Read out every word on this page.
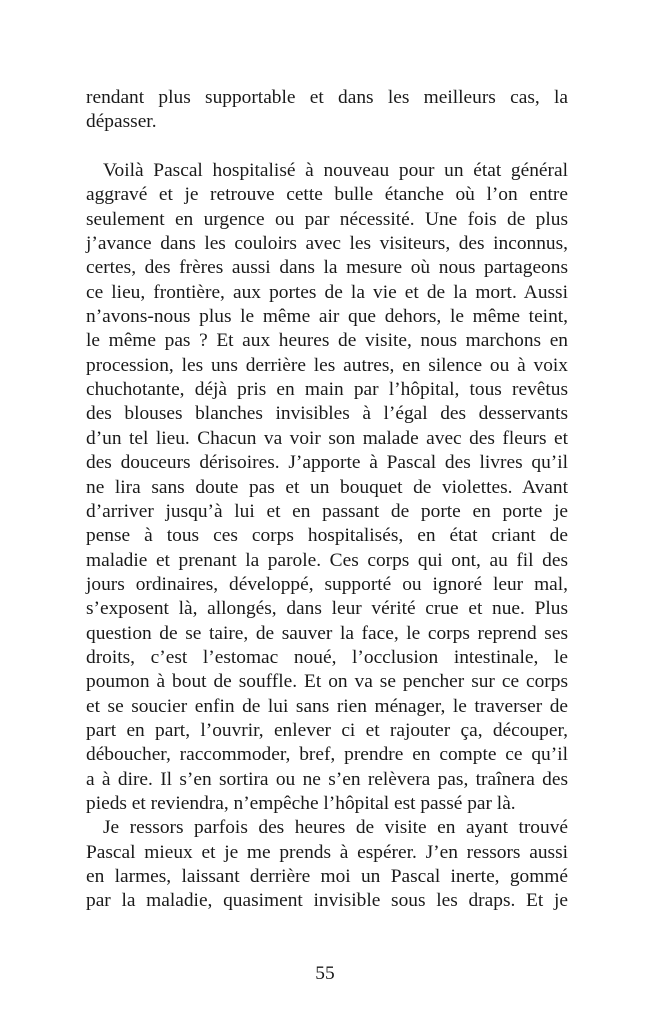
rendant plus supportable et dans les meilleurs cas, la
dépasser.
Voilà Pascal hospitalisé à nouveau pour un état général
aggravé et je retrouve cette bulle étanche où l’on entre
seulement en urgence ou par nécessité. Une fois de plus
j’avance dans les couloirs avec les visiteurs, des inconnus,
certes, des frères aussi dans la mesure où nous partageons
ce lieu, frontière, aux portes de la vie et de la mort. Aussi
n’avons-nous plus le même air que dehors, le même teint,
le même pas ? Et aux heures de visite, nous marchons en
procession, les uns derrière les autres, en silence ou à voix
chuchotante, déjà pris en main par l’hôpital, tous revêtus
des blouses blanches invisibles à l’égal des desservants
d’un tel lieu. Chacun va voir son malade avec des fleurs et
des douceurs dérisoires. J’apporte à Pascal des livres qu’il
ne lira sans doute pas et un bouquet de violettes. Avant
d’arriver jusqu’à lui et en passant de porte en porte je
pense à tous ces corps hospitalisés, en état criant de
maladie et prenant la parole. Ces corps qui ont, au fil des
jours ordinaires, développé, supporté ou ignoré leur mal,
s’exposent là, allongés, dans leur vérité crue et nue. Plus
question de se taire, de sauver la face, le corps reprend ses
droits, c’est l’estomac noué, l’occlusion intestinale, le
poumon à bout de souffle. Et on va se pencher sur ce corps
et se soucier enfin de lui sans rien ménager, le traverser de
part en part, l’ouvrir, enlever ci et rajouter ça, découper,
déboucher, raccommoder, bref, prendre en compte ce qu’il
a à dire. Il s’en sortira ou ne s’en relèvera pas, traînera des
pieds et reviendra, n’empêche l’hôpital est passé par là.
Je ressors parfois des heures de visite en ayant trouvé
Pascal mieux et je me prends à espérer. J’en ressors aussi
en larmes, laissant derrière moi un Pascal inerte, gommé
par la maladie, quasiment invisible sous les draps. Et je
55
